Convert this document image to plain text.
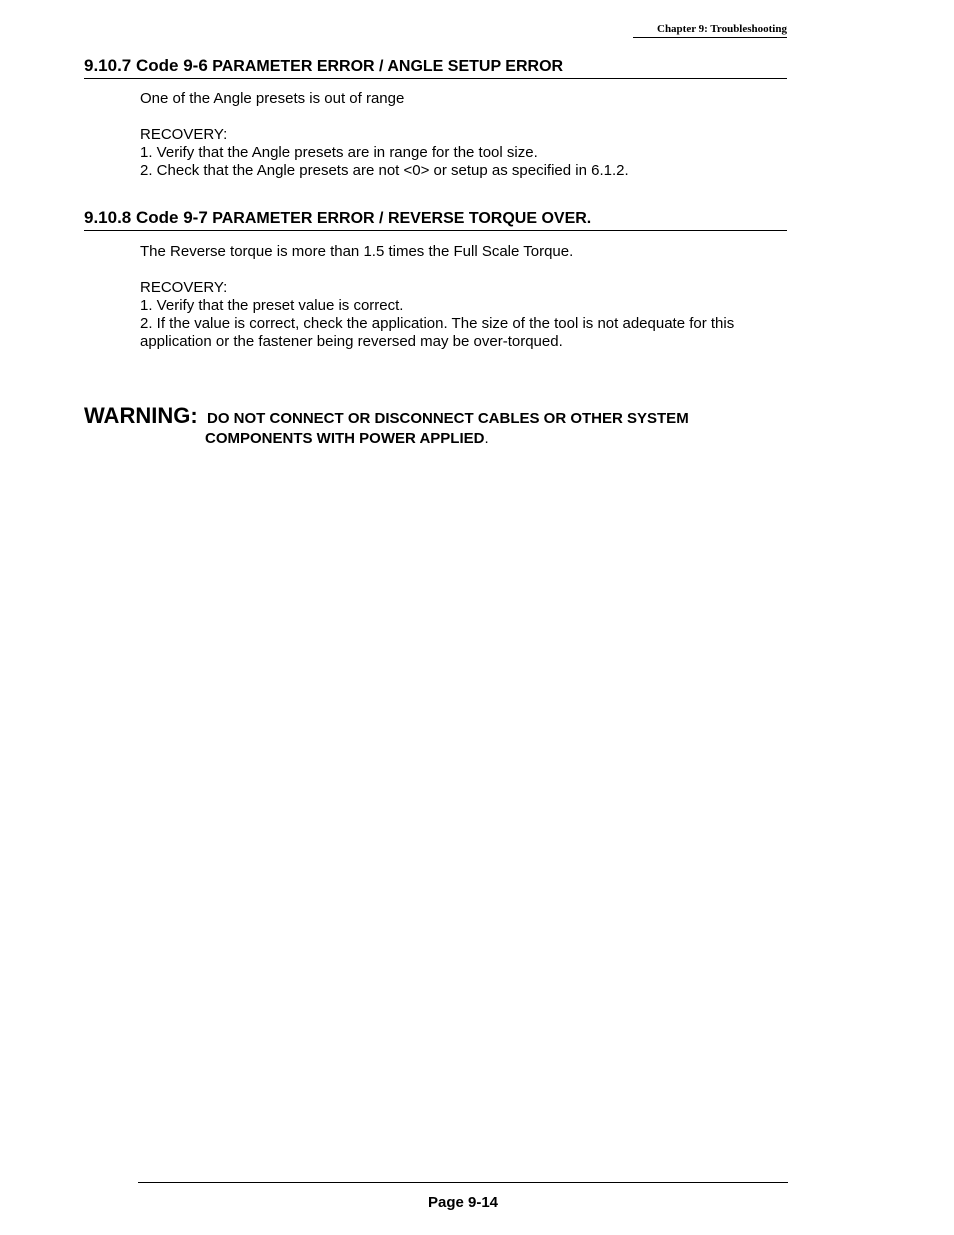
Chapter 9: Troubleshooting
9.10.7 Code 9-6 PARAMETER ERROR / ANGLE SETUP ERROR

One of the Angle presets is out of range

RECOVERY:

1. Verify that the Angle presets are in range for the tool size.

2. Check that the Angle presets are not <0> or setup as specified in 6.1.2.

9.10.8 Code 9-7 PARAMETER ERROR / REVERSE TORQUE OVER.

The Reverse torque is more than 1.5 times the Full Scale Torque.

RECOVERY:

1. Verify that the preset value is correct.

2. If the value is correct, check the application. The size of the tool is not adequate for this

application or the fastener being reversed may be over-torqued.

WARNING: DO NOT CONNECT OR DISCONNECT CABLES OR OTHER SYSTEM
COMPONENTS WITH POWER APPLIED.
Page 9-14
